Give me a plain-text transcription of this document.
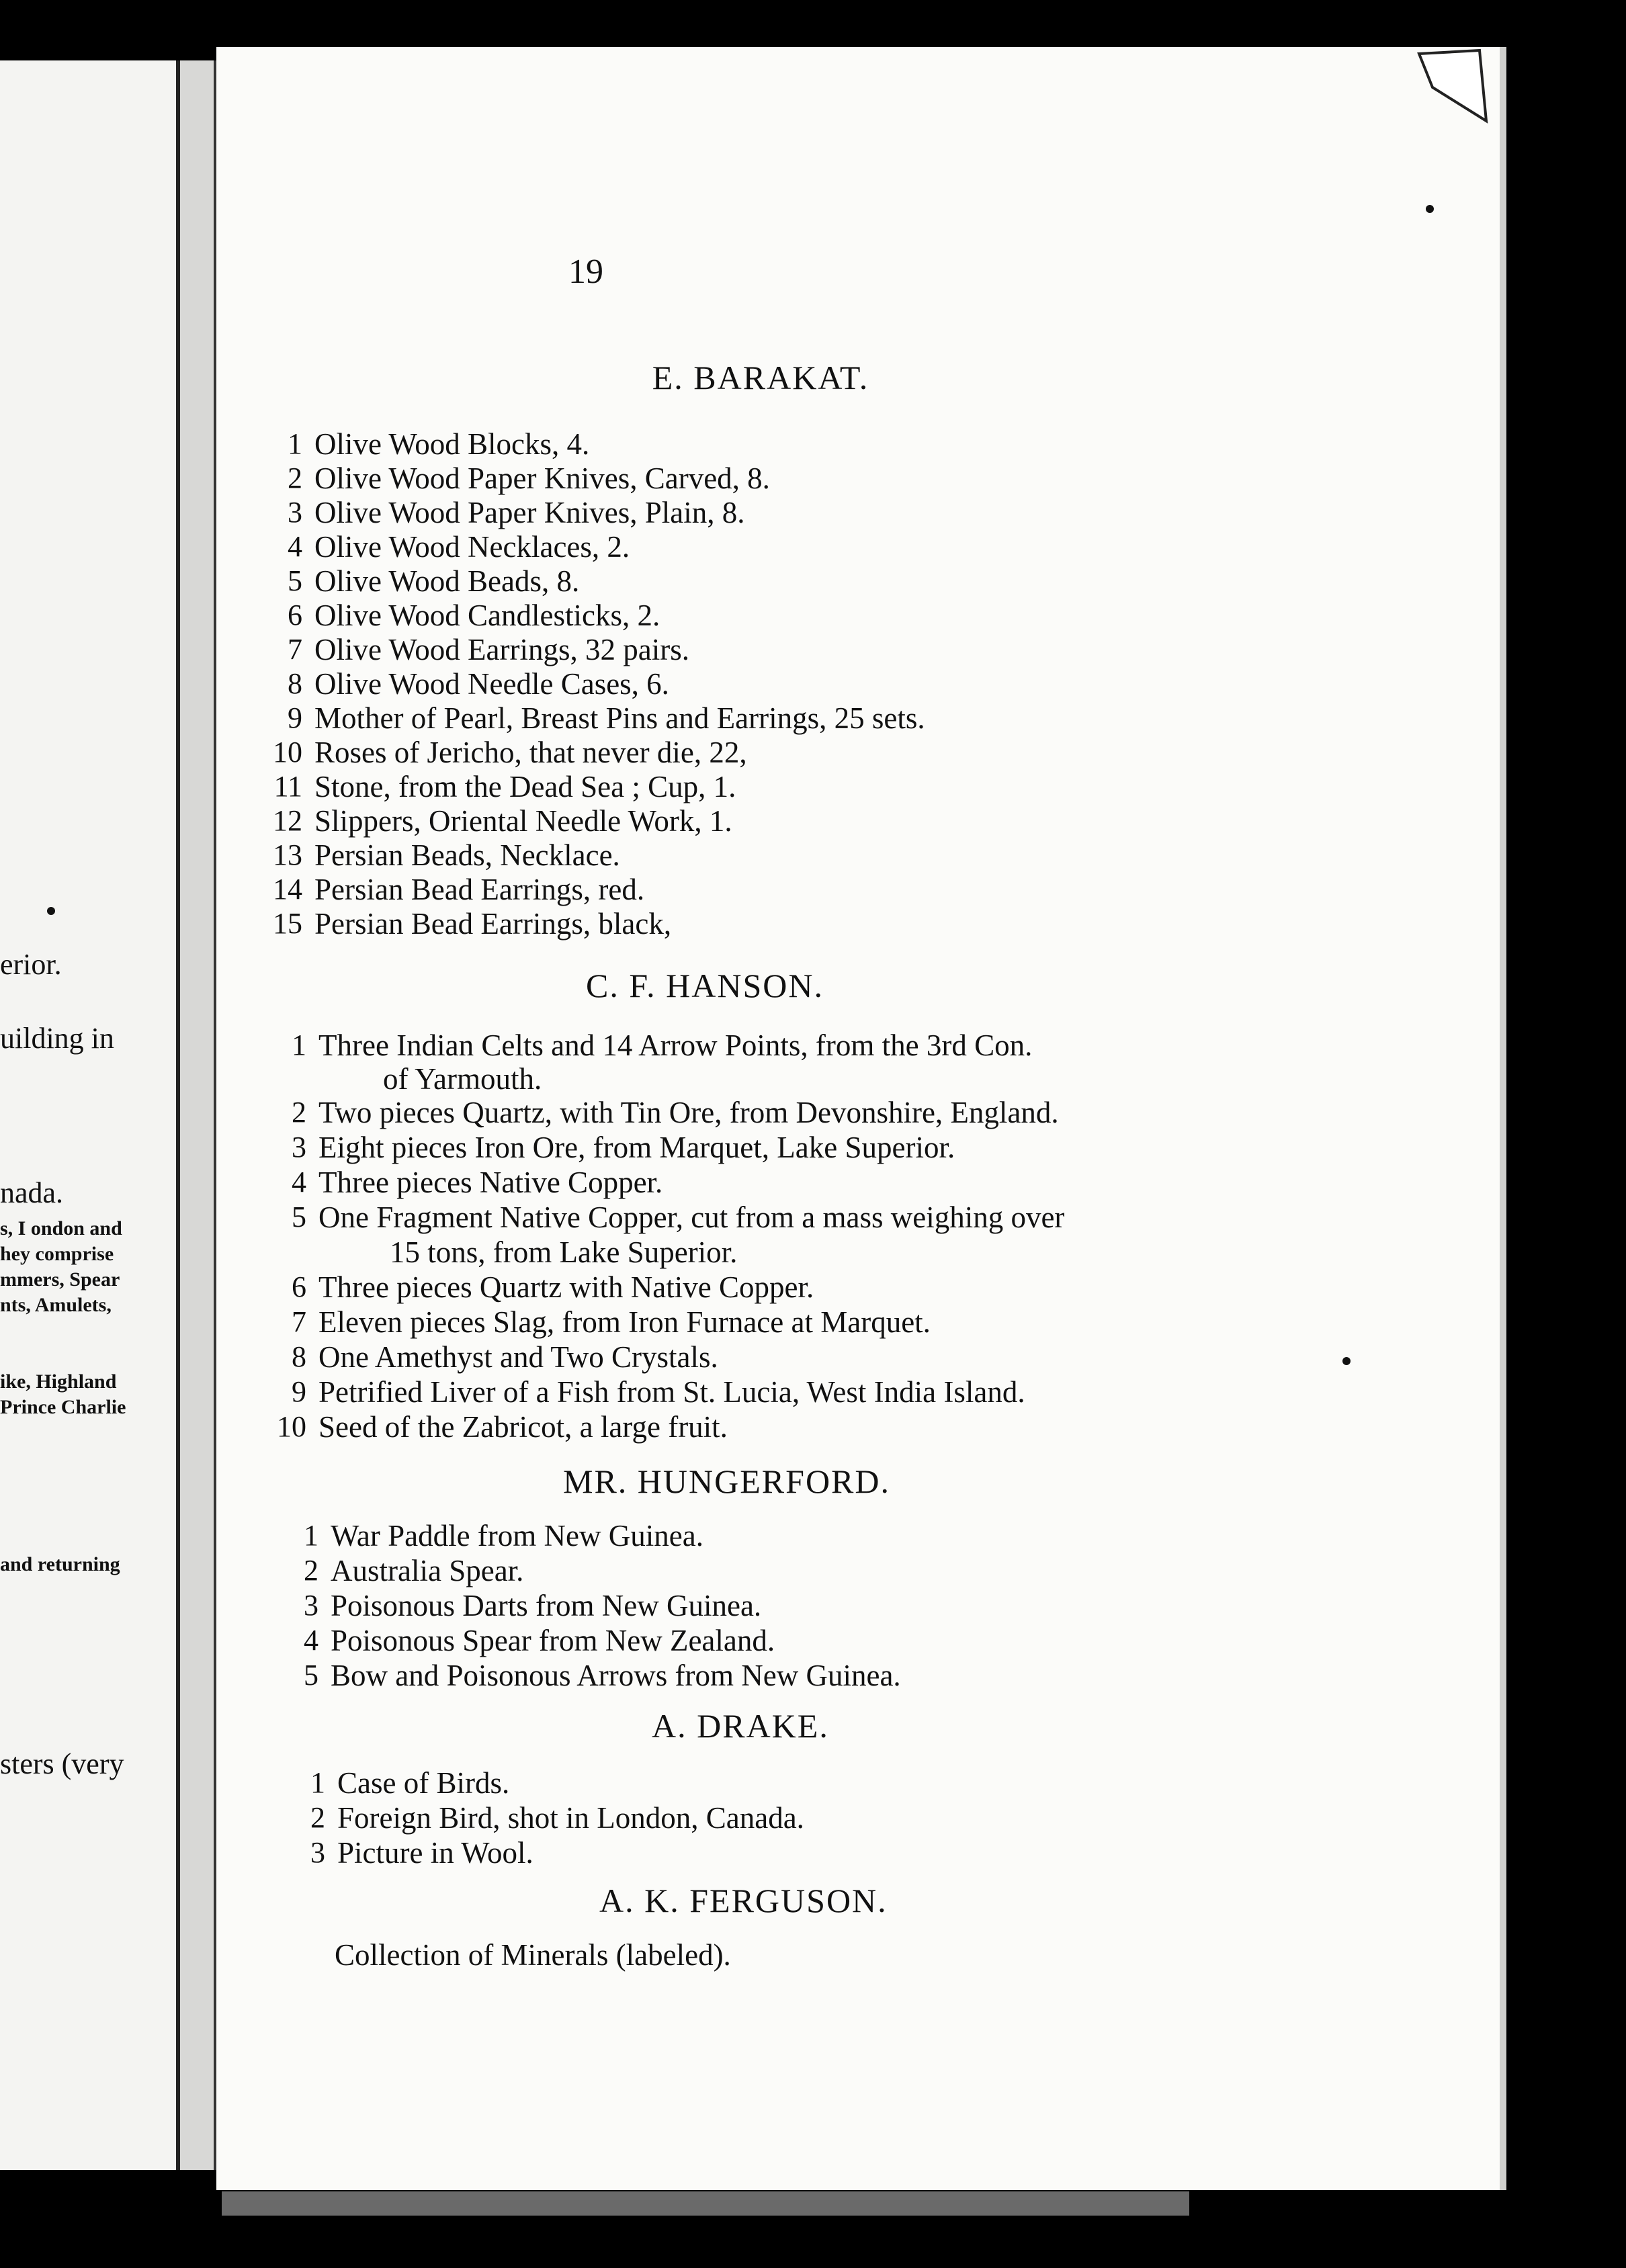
erior.
uilding in
nada.
s, I ondon and
hey comprise
mmers, Spear
nts, Amulets,
ike, Highland
Prince Charlie
and returning
sters (very
19
E. BARAKAT.
1 Olive Wood Blocks, 4.
2 Olive Wood Paper Knives, Carved, 8.
3 Olive Wood Paper Knives, Plain, 8.
4 Olive Wood Necklaces, 2.
5 Olive Wood Beads, 8.
6 Olive Wood Candlesticks, 2.
7 Olive Wood Earrings, 32 pairs.
8 Olive Wood Needle Cases, 6.
9 Mother of Pearl, Breast Pins and Earrings, 25 sets.
10 Roses of Jericho, that never die, 22,
11 Stone, from the Dead Sea ; Cup, 1.
12 Slippers, Oriental Needle Work, 1.
13 Persian Beads, Necklace.
14 Persian Bead Earrings, red.
15 Persian Bead Earrings, black,
C. F. HANSON.
1 Three Indian Celts and 14 Arrow Points, from the 3rd Con.
of Yarmouth.
2 Two pieces Quartz, with Tin Ore, from Devonshire, England.
3 Eight pieces Iron Ore, from Marquet, Lake Superior.
4 Three pieces Native Copper.
5 One Fragment Native Copper, cut from a mass weighing over
15 tons, from Lake Superior.
6 Three pieces Quartz with Native Copper.
7 Eleven pieces Slag, from Iron Furnace at Marquet.
8 One Amethyst and Two Crystals.
9 Petrified Liver of a Fish from St. Lucia, West India Island.
10 Seed of the Zabricot, a large fruit.
MR. HUNGERFORD.
1 War Paddle from New Guinea.
2 Australia Spear.
3 Poisonous Darts from New Guinea.
4 Poisonous Spear from New Zealand.
5 Bow and Poisonous Arrows from New Guinea.
A. DRAKE.
1 Case of Birds.
2 Foreign Bird, shot in London, Canada.
3 Picture in Wool.
A. K. FERGUSON.
Collection of Minerals (labeled).
